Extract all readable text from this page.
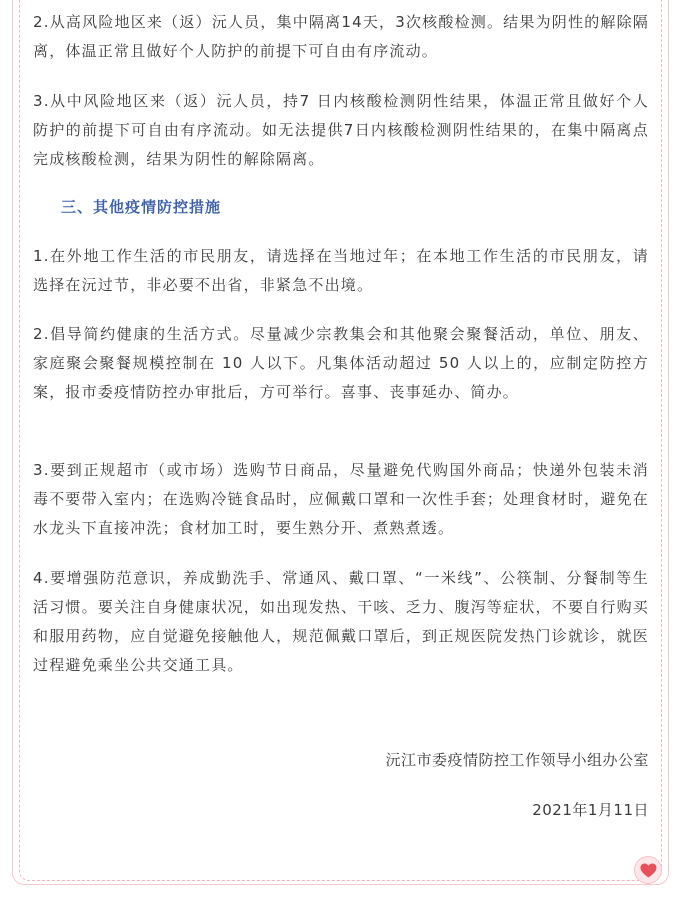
2.从高风险地区来（返）沅人员，集中隔离14天，3次核酸检测。结果为阴性的解除隔离，体温正常且做好个人防护的前提下可自由有序流动。

3.从中风险地区来（返）沅人员，持7 日内核酸检测阴性结果，体温正常且做好个人防护的前提下可自由有序流动。如无法提供7日内核酸检测阴性结果的，在集中隔离点完成核酸检测，结果为阴性的解除隔离。

三、其他疫情防控措施

1.在外地工作生活的市民朋友，请选择在当地过年；在本地工作生活的市民朋友，请选择在沅过节，非必要不出省，非紧急不出境。

2.倡导简约健康的生活方式。尽量减少宗教集会和其他聚会聚餐活动，单位、朋友、家庭聚会聚餐规模控制在 10 人以下。凡集体活动超过 50 人以上的，应制定防控方案，报市委疫情防控办审批后，方可举行。喜事、丧事延办、简办。

3.要到正规超市（或市场）选购节日商品，尽量避免代购国外商品；快递外包装未消毒不要带入室内；在选购冷链食品时，应佩戴口罩和一次性手套；处理食材时，避免在水龙头下直接冲洗；食材加工时，要生熟分开、煮熟煮透。

4.要增强防范意识，养成勤洗手、常通风、戴口罩、“一米线”、公筷制、分餐制等生活习惯。要关注自身健康状况，如出现发热、干咳、乏力、腹泻等症状，不要自行购买和服用药物，应自觉避免接触他人，规范佩戴口罩后，到正规医院发热门诊就诊，就医过程避免乘坐公共交通工具。

沅江市委疫情防控工作领导小组办公室

2021年1月11日
